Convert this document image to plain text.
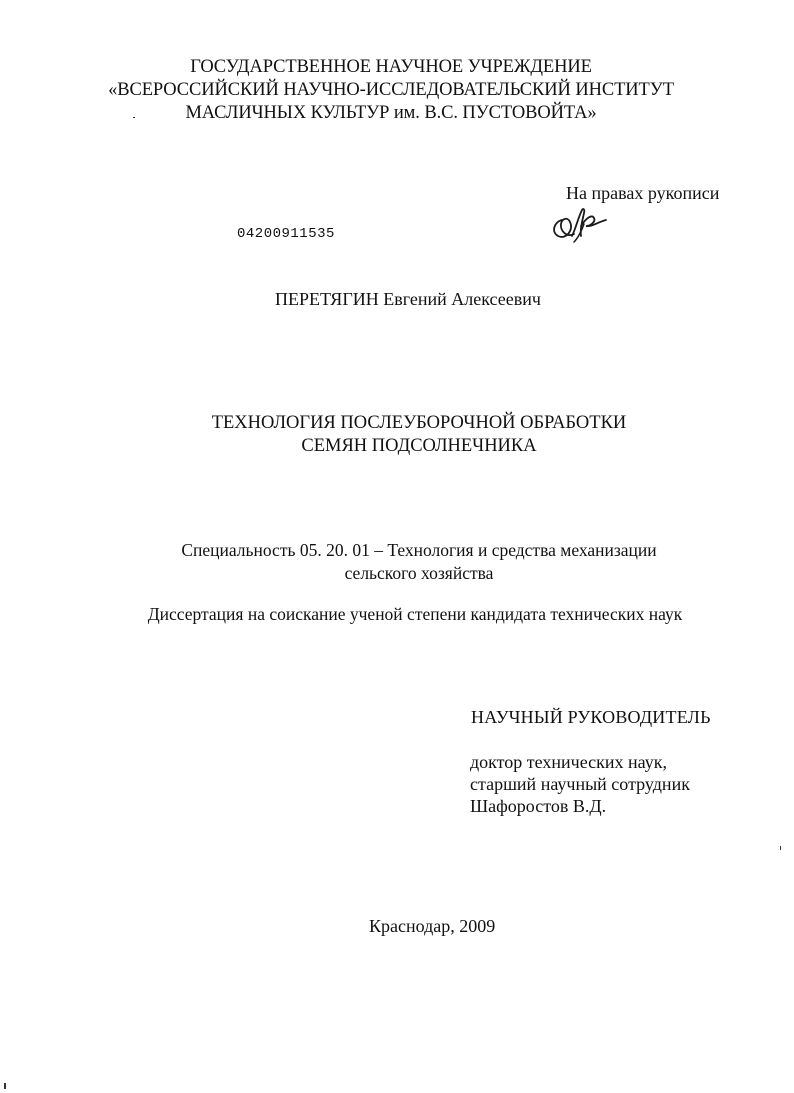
ГОСУДАРСТВЕННОЕ НАУЧНОЕ УЧРЕЖДЕНИЕ
«ВСЕРОССИЙСКИЙ НАУЧНО-ИССЛЕДОВАТЕЛЬСКИЙ ИНСТИТУТ
МАСЛИЧНЫХ КУЛЬТУР им. В.С. ПУСТОВОЙТА»
На правах рукописи
04200911535
ПЕРЕТЯГИН Евгений Алексеевич
ТЕХНОЛОГИЯ ПОСЛЕУБОРОЧНОЙ ОБРАБОТКИ
СЕМЯН ПОДСОЛНЕЧНИКА
Специальность 05. 20. 01 – Технология и средства механизации
сельского хозяйства
Диссертация на соискание ученой степени кандидата технических наук
НАУЧНЫЙ РУКОВОДИТЕЛЬ
доктор технических наук,
старший научный сотрудник
Шафоростов В.Д.
Краснодар, 2009
